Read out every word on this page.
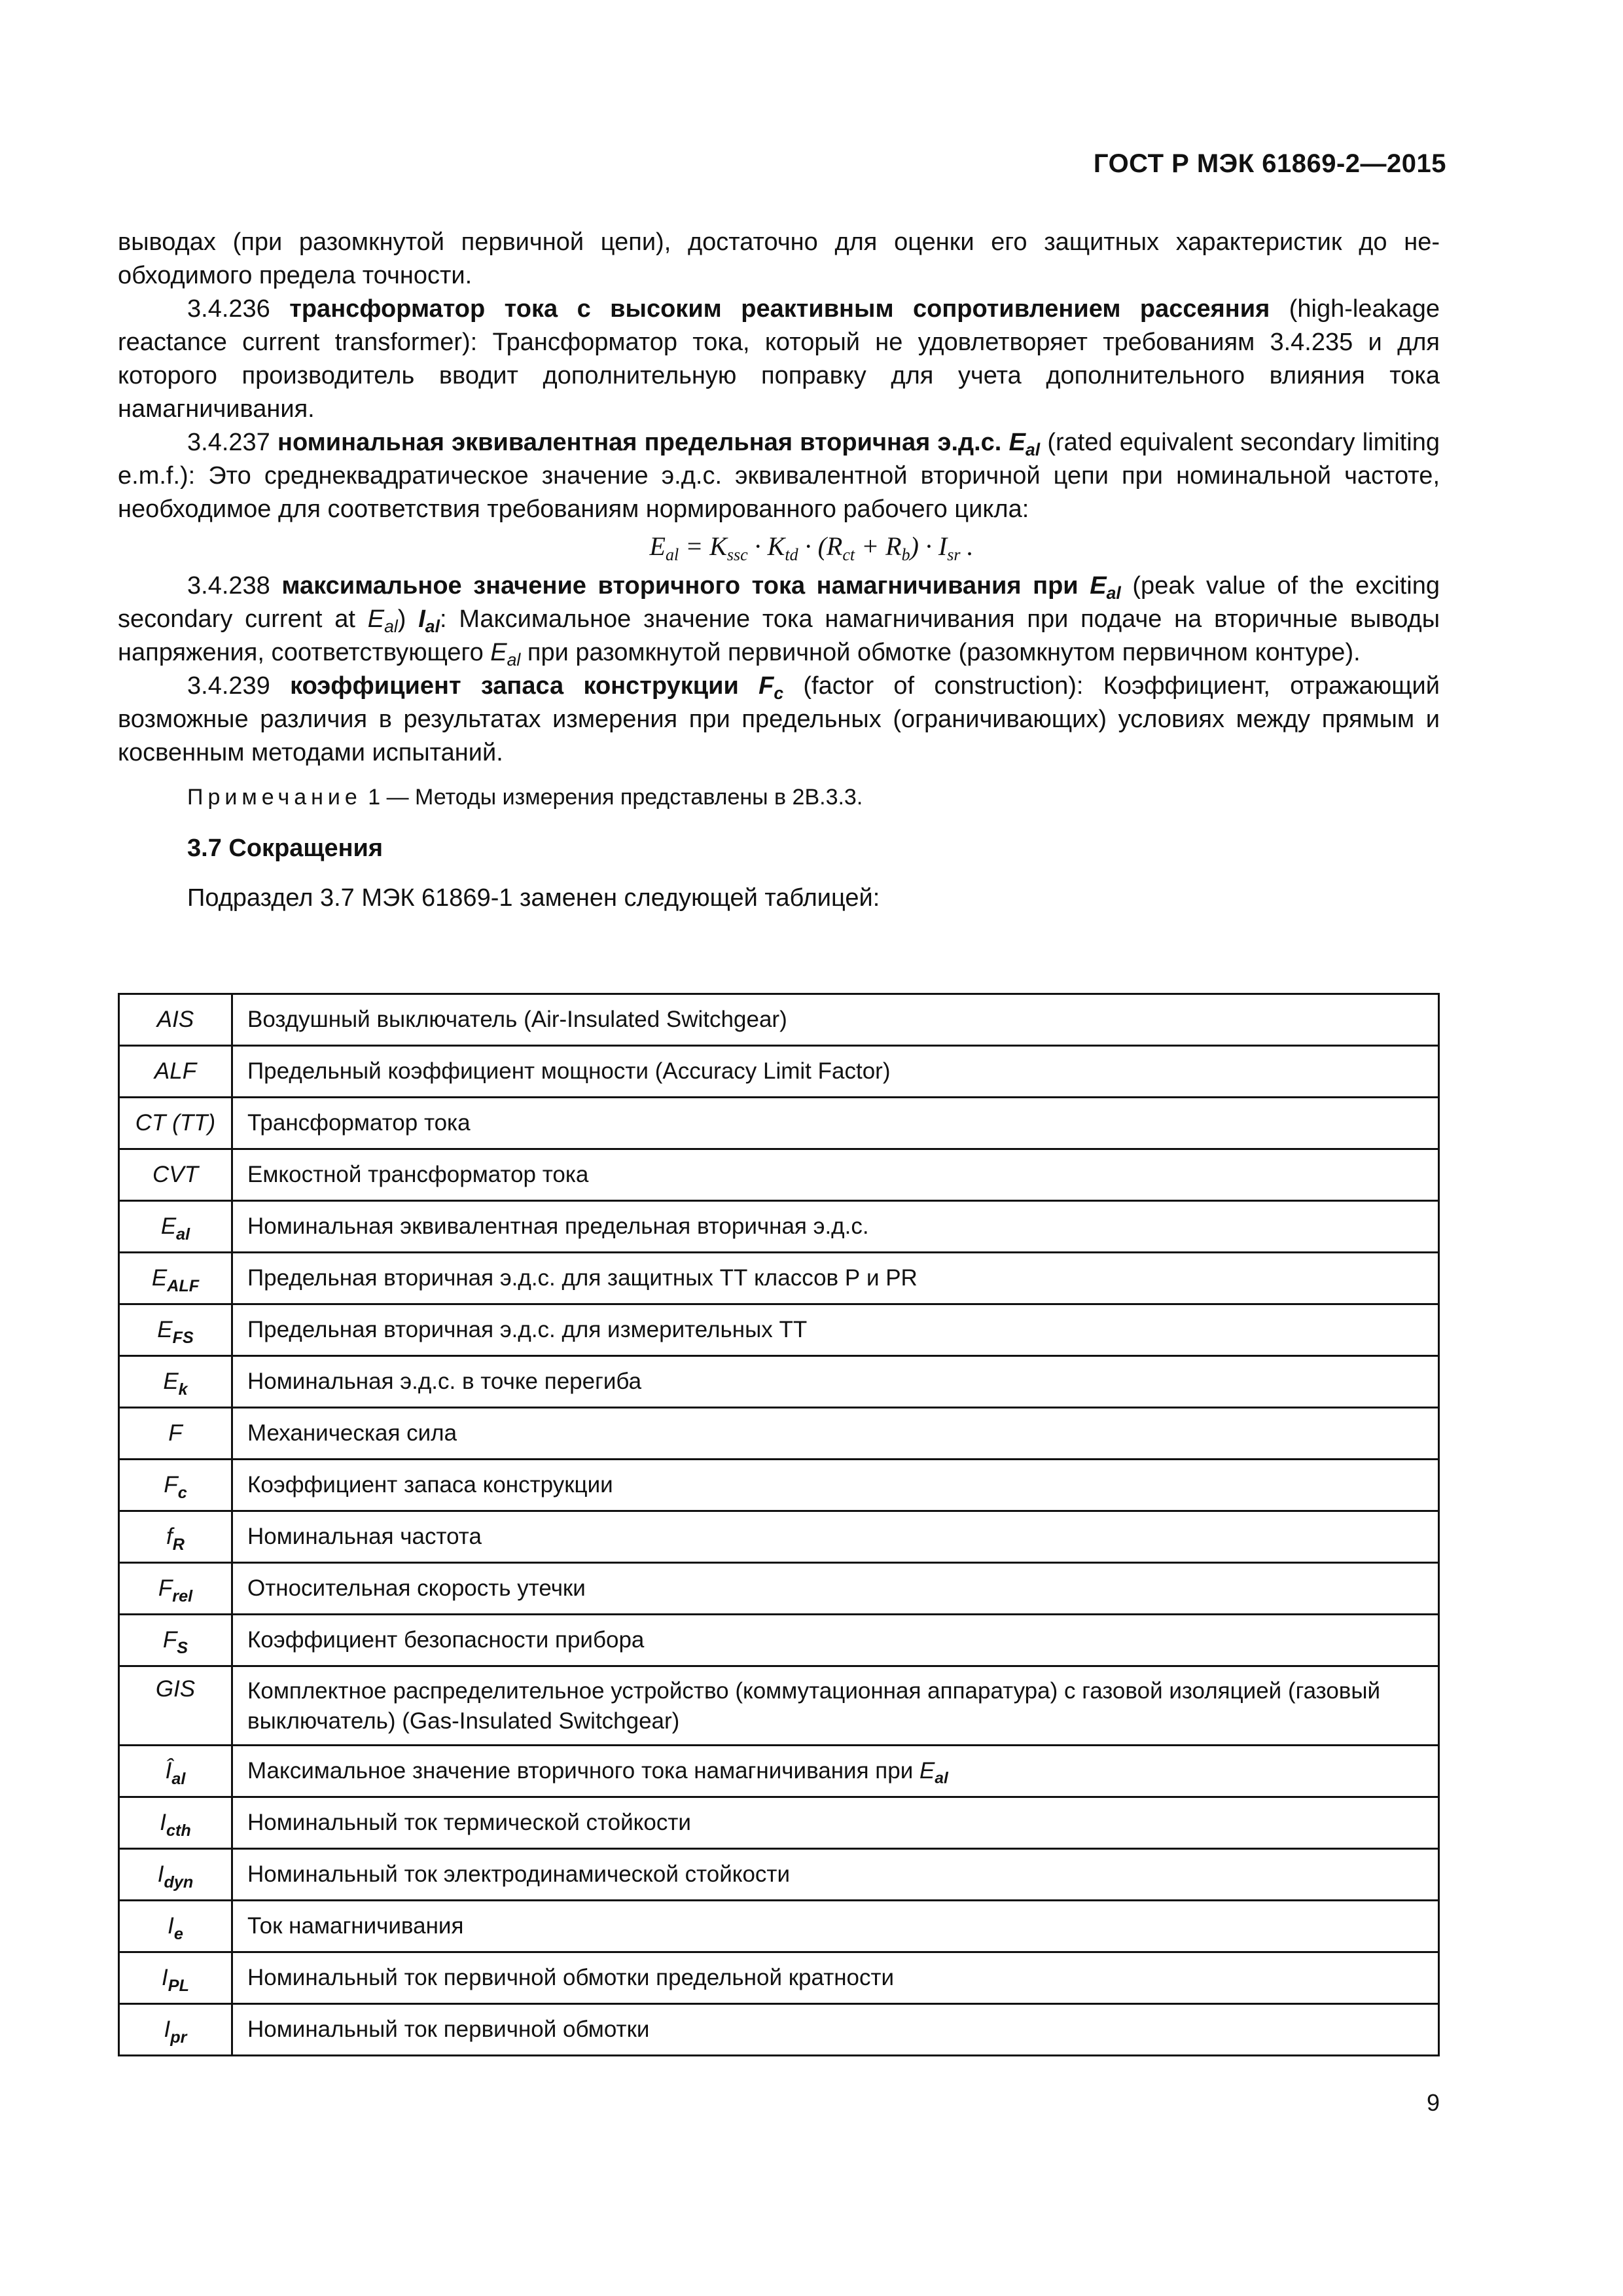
ГОСТ Р МЭК 61869-2—2015

выводах (при разомкнутой первичной цепи), достаточно для оценки его защитных характеристик до необходимого предела точности.

3.4.236 трансформатор тока с высоким реактивным сопротивлением рассеяния (high-leakage reactance current transformer): Трансформатор тока, который не удовлетворяет требованиям 3.4.235 и для которого производитель вводит дополнительную поправку для учета дополнительного влияния тока намагничивания.

3.4.237 номинальная эквивалентная предельная вторичная э.д.с. $E_{al}$ (rated equivalent secondary limiting e.m.f.): Это среднеквадратическое значение э.д.с. эквивалентной вторичной цепи при номинальной частоте, необходимое для соответствия требованиям нормированного рабочего цикла:

$E_{al} = K_{ssc} \cdot K_{td} \cdot (R_{ct} + R_b) \cdot I_{sr}$ .

3.4.238 максимальное значение вторичного тока намагничивания при $E_{al}$ (peak value of the exciting secondary current at $E_{al}$) $I_{al}$: Максимальное значение тока намагничивания при подаче на вторичные выводы напряжения, соответствующего $E_{al}$ при разомкнутой первичной обмотке (разомкнутом первичном контуре).

3.4.239 коэффициент запаса конструкции $F_c$ (factor of construction): Коэффициент, отражающий возможные различия в результатах измерения при предельных (ограничивающих) условиях между прямым и косвенным методами испытаний.

Примечание 1 — Методы измерения представлены в 2В.3.3.

3.7 Сокращения

Подраздел 3.7 МЭК 61869-1 заменен следующей таблицей:

AIS	Воздушный выключатель (Air-Insulated Switchgear)
ALF	Предельный коэффициент мощности (Accuracy Limit Factor)
CT (TT)	Трансформатор тока
CVT	Емкостной трансформатор тока
$E_{al}$	Номинальная эквивалентная предельная вторичная э.д.с.
$E_{ALF}$	Предельная вторичная э.д.с. для защитных ТТ классов Р и PR
$E_{FS}$	Предельная вторичная э.д.с. для измерительных ТТ
$E_k$	Номинальная э.д.с. в точке перегиба
F	Механическая сила
$F_c$	Коэффициент запаса конструкции
$f_R$	Номинальная частота
$F_{rel}$	Относительная скорость утечки
$F_S$	Коэффициент безопасности прибора
GIS	Комплектное распределительное устройство (коммутационная аппаратура) с газовой изоляцией (газовый выключатель) (Gas-Insulated Switchgear)
$Î_{al}$	Максимальное значение вторичного тока намагничивания при $E_{al}$
$I_{cth}$	Номинальный ток термической стойкости
$I_{dyn}$	Номинальный ток электродинамической стойкости
$I_e$	Ток намагничивания
$I_{PL}$	Номинальный ток первичной обмотки предельной кратности
$I_{pr}$	Номинальный ток первичной обмотки
9
